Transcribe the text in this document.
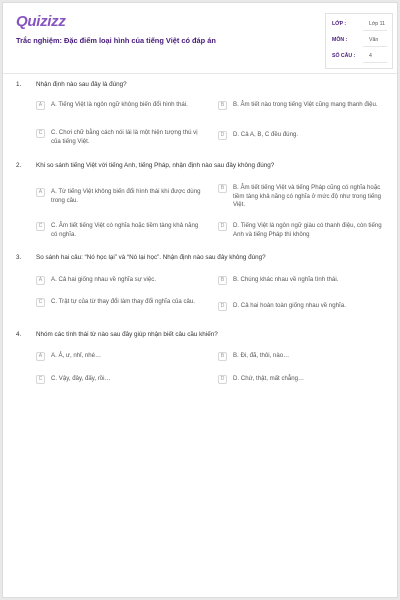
Quizizz
Trắc nghiệm: Đặc điểm loại hình của tiếng Việt có đáp án
LỚP :	Lớp 11
MÔN :	Văn
SỐ CÂU :	4
1. Nhận định nào sau đây là đúng?
A	A. Tiếng Việt là ngôn ngữ không biến đổi hình thái.	B	B. Âm tiết nào trong tiếng Việt cũng mang thanh điệu.
C	C. Chơi chữ bằng cách nói lái là một hiện tượng thú vị của tiếng Việt.
D	D. Cả A, B, C đều đúng.
2. Khi so sánh tiếng Việt với tiếng Anh, tiếng Pháp, nhận định nào sau đây không đúng?
A	A. Từ tiếng Việt không biến đổi hình thái khi được dùng trong câu.
B	B. Âm tiết tiếng Việt và tiếng Pháp cũng có nghĩa hoặc tiềm tàng khả năng có nghĩa ở mức độ như trong tiếng Việt.
C	C. Âm tiết tiếng Việt có nghĩa hoặc tiềm tàng khả năng có nghĩa.
D	D. Tiếng Việt là ngôn ngữ giàu có thanh điệu, còn tiếng Anh và tiếng Pháp thì không
3. So sánh hai câu: “Nó học lại” và “Nó lại học”. Nhận định nào sau đây không đúng?
A	A. Cả hai giống nhau về nghĩa sự việc.	B	B. Chúng khác nhau về nghĩa tình thái.
C	C. Trật tự của từ thay đổi làm thay đổi nghĩa của câu.
D	D. Cả hai hoàn toàn giống nhau về nghĩa.
4. Nhóm các tình thái từ nào sau đây giúp nhận biết câu cầu khiến?
A	A. Ả, ư, nhỉ, nhé…	B	B. Đi, đã, thôi, nào…
C	C. Vậy, đây, đấy, rồi…	D	D. Chứ, thật, mất chẳng…
